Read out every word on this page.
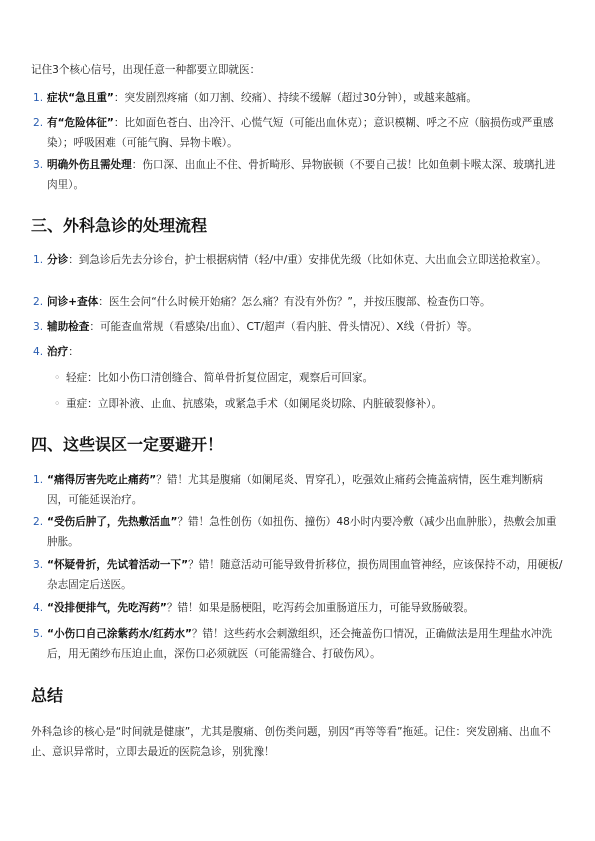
记住3个核心信号，出现任意一种都要立即就医：

1. 症状“急且重”：突发剧烈疼痛（如刀割、绞痛）、持续不缓解（超过30分钟），或越来越痛。
2. 有“危险体征”：比如面色苍白、出冷汗、心慌气短（可能出血休克）；意识模糊、呼之不应（脑损伤或严重感染）；呼吸困难（可能气胸、异物卡喉）。
3. 明确外伤且需处理：伤口深、出血止不住、骨折畸形、异物嵌顿（不要自己拔！比如鱼刺卡喉太深、玻璃扎进肉里）。
三、外科急诊的处理流程
1. 分诊：到急诊后先去分诊台，护士根据病情（轻/中/重）安排优先级（比如休克、大出血会立即送抢救室）。
2. 问诊+查体：医生会问“什么时候开始痛？怎么痛？有没有外伤？”，并按压腹部、检查伤口等。
3. 辅助检查：可能查血常规（看感染/出血）、CT/超声（看内脏、骨头情况）、X线（骨折）等。
4. 治疗：
◦ 轻症：比如小伤口清创缝合、简单骨折复位固定，观察后可回家。
◦ 重症：立即补液、止血、抗感染，或紧急手术（如阑尾炎切除、内脏破裂修补）。
四、这些误区一定要避开！
1. “痛得厉害先吃止痛药”？错！尤其是腹痛（如阑尾炎、胃穿孔），吃强效止痛药会掩盖病情，医生难判断病因，可能延误治疗。
2. “受伤后肿了，先热敷活血”？错！急性创伤（如扭伤、撞伤）48小时内要冷敷（减少出血肿胀），热敷会加重肿胀。
3. “怀疑骨折，先试着活动一下”？错！随意活动可能导致骨折移位，损伤周围血管神经，应该保持不动，用硬板/杂志固定后送医。
4. “没排便排气，先吃泻药”？错！如果是肠梗阻，吃泻药会加重肠道压力，可能导致肠破裂。
5. “小伤口自己涂紫药水/红药水”？错！这些药水会刺激组织，还会掩盖伤口情况，正确做法是用生理盐水冲洗后，用无菌纱布压迫止血，深伤口必须就医（可能需缝合、打破伤风）。
总结

外科急诊的核心是“时间就是健康”，尤其是腹痛、创伤类问题，别因“再等等看”拖延。记住：突发剧痛、出血不止、意识异常时，立即去最近的医院急诊，别犹豫！
